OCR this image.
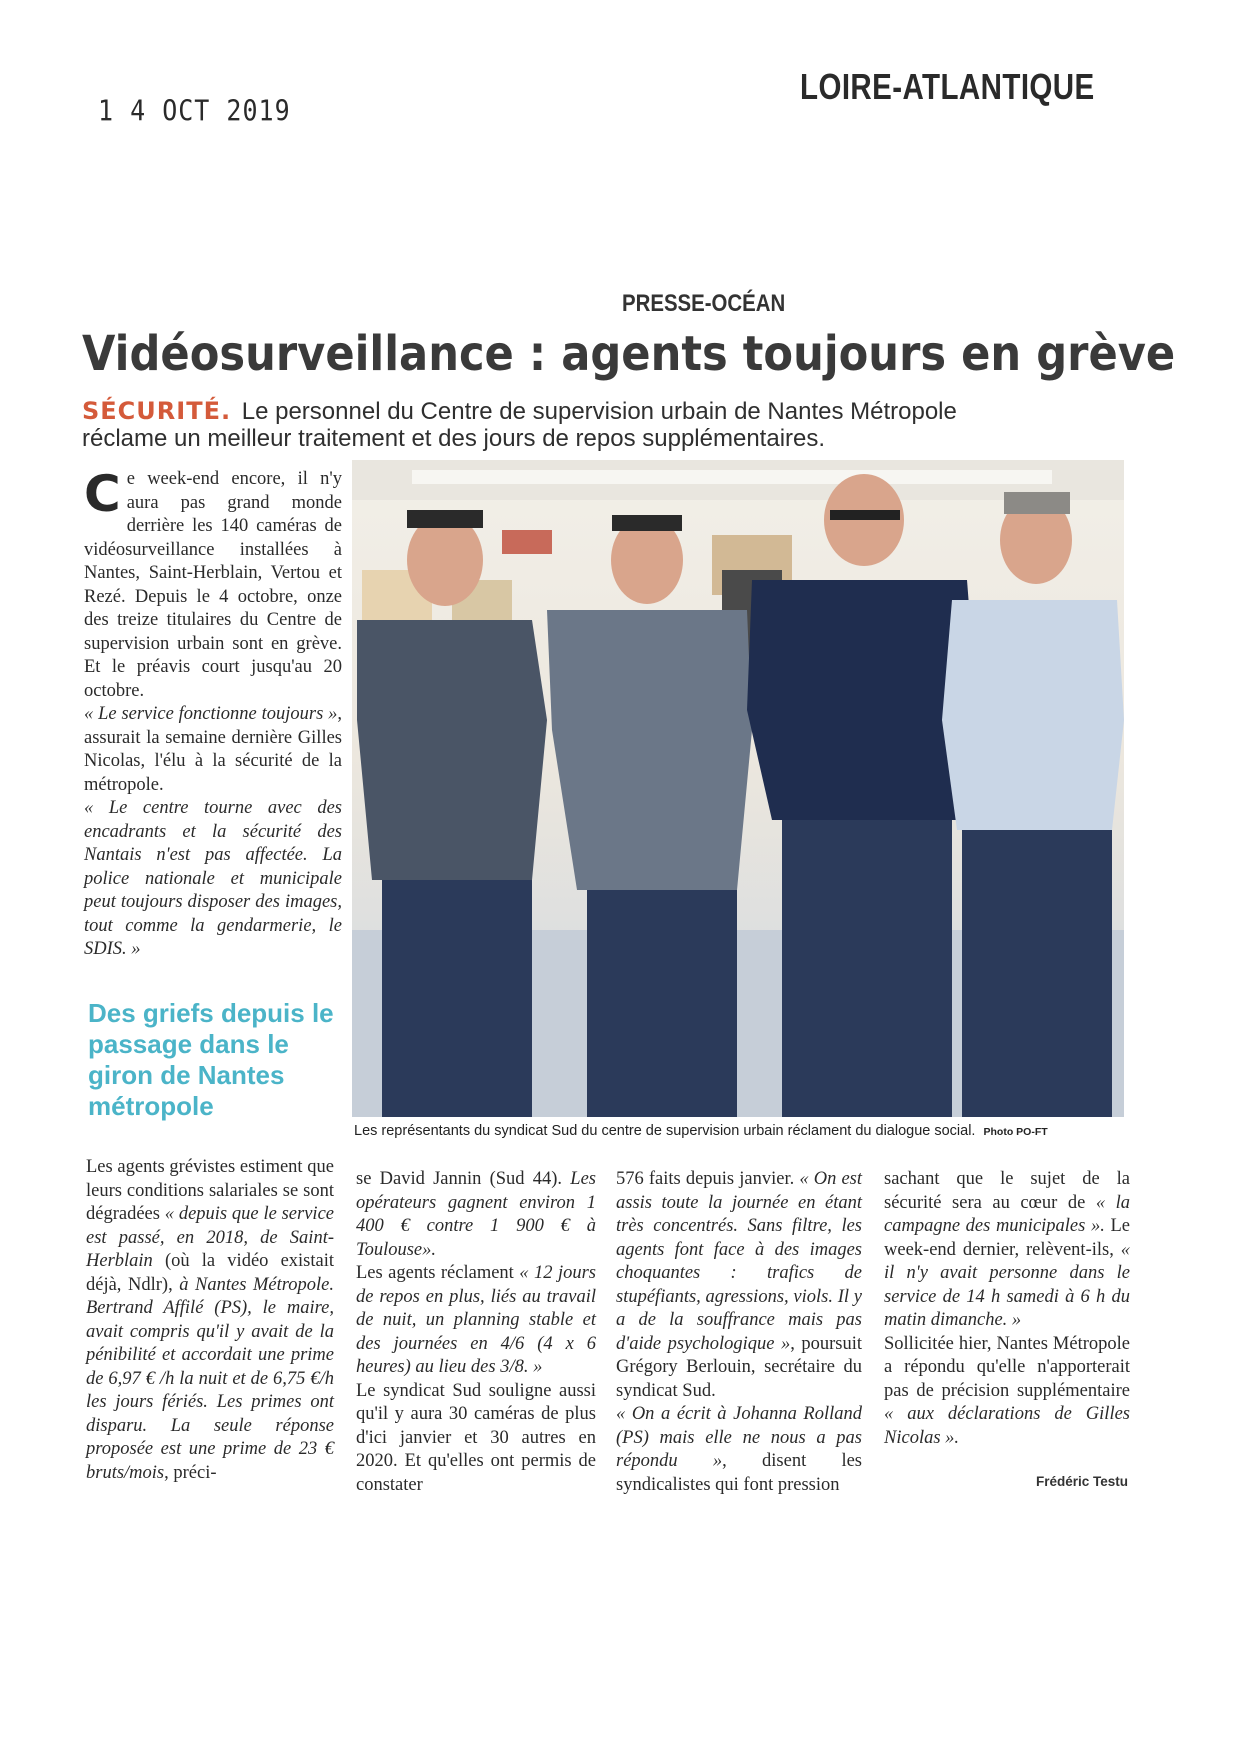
1 4 OCT 2019
LOIRE-ATLANTIQUE
PRESSE-OCÉAN
Vidéosurveillance : agents toujours en grève
SÉCURITÉ. Le personnel du Centre de supervision urbain de Nantes Métropole réclame un meilleur traitement et des jours de repos supplémentaires.

Ce week-end encore, il n'y aura pas grand monde derrière les 140 caméras de vidéosurveillance installées à Nantes, Saint-Herblain, Vertou et Rezé. Depuis le 4 octobre, onze des treize titulaires du Centre de supervision urbain sont en grève. Et le préavis court jusqu'au 20 octobre.

« Le service fonctionne toujours », assurait la semaine dernière Gilles Nicolas, l'élu à la sécurité de la métropole.

« Le centre tourne avec des encadrants et la sécurité des Nantais n'est pas affectée. La police nationale et municipale peut toujours disposer des images, tout comme la gendarmerie, le SDIS. »

Des griefs depuis le passage dans le giron de Nantes métropole
Les représentants du syndicat Sud du centre de supervision urbain réclament du dialogue social. Photo PO-FT

Les agents grévistes estiment que leurs conditions salariales se sont dégradées « depuis que le service est passé, en 2018, de Saint-Herblain (où la vidéo existait déjà, Ndlr), à Nantes Métropole. Bertrand Affilé (PS), le maire, avait compris qu'il y avait de la pénibilité et accordait une prime de 6,97 € /h la nuit et de 6,75 €/h les jours fériés. Les primes ont disparu. La seule réponse proposée est une prime de 23 € bruts/mois, préci-

se David Jannin (Sud 44). Les opérateurs gagnent environ 1 400 € contre 1 900 € à Toulouse».

Les agents réclament « 12 jours de repos en plus, liés au travail de nuit, un planning stable et des journées en 4/6 (4 x 6 heures) au lieu des 3/8. »

Le syndicat Sud souligne aussi qu'il y aura 30 caméras de plus d'ici janvier et 30 autres en 2020. Et qu'elles ont permis de constater

576 faits depuis janvier. « On est assis toute la journée en étant très concentrés. Sans filtre, les agents font face à des images choquantes : trafics de stupéfiants, agressions, viols. Il y a de la souffrance mais pas d'aide psychologique », poursuit Grégory Berlouin, secrétaire du syndicat Sud.

« On a écrit à Johanna Rolland (PS) mais elle ne nous a pas répondu », disent les syndicalistes qui font pression

sachant que le sujet de la sécurité sera au cœur de « la campagne des municipales ». Le week-end dernier, relèvent-ils, « il n'y avait personne dans le service de 14 h samedi à 6 h du matin dimanche. »

Sollicitée hier, Nantes Métropole a répondu qu'elle n'apporterait pas de précision supplémentaire « aux déclarations de Gilles Nicolas ».

Frédéric Testu
